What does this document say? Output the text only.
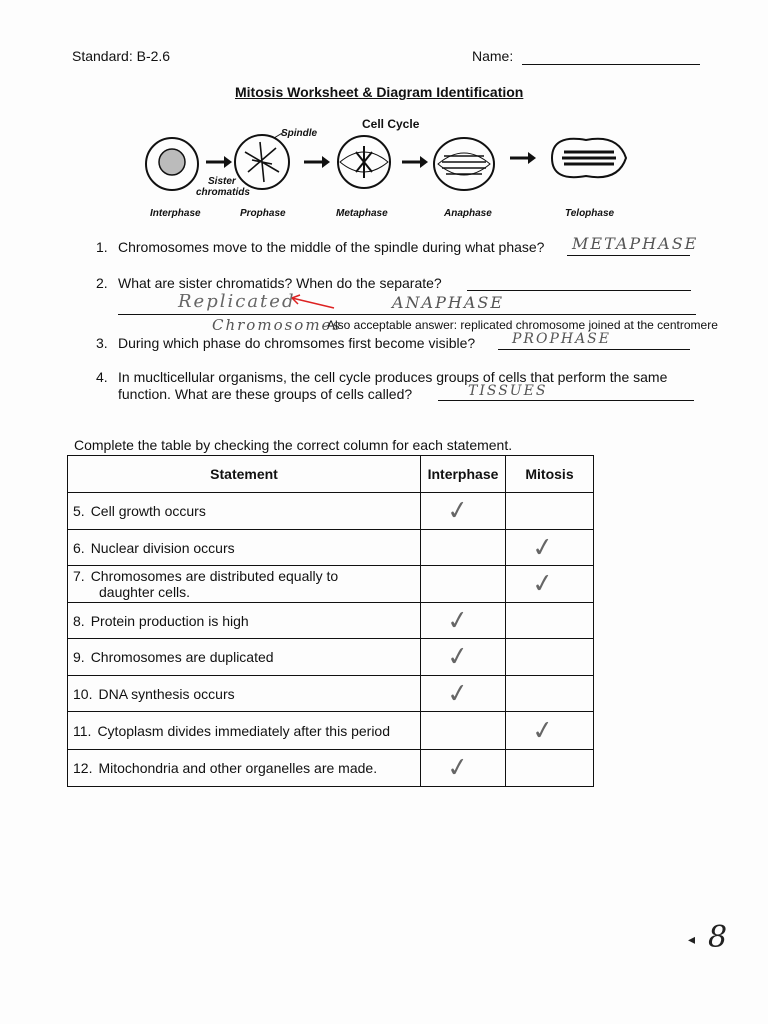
Standard: B-2.6	Name:
Mitosis Worksheet & Diagram Identification
Cell Cycle
Spindle
Sister
chromatids
Interphase	Prophase	Metaphase	Anaphase	Telophase
1. Chromosomes move to the middle of the spindle during what phase? METAPHASE
2. What are sister chromatids? When do the separate?
Replicated	ANAPHASE
Chromosomes
Also acceptable answer: replicated chromosome joined at the centromere
3. During which phase do chromsomes first become visible?	PROPHASE
4. In muclticellular organisms, the cell cycle produces groups of cells that perform the same
function. What are these groups of cells called?	TISSUES
Complete the table by checking the correct column for each statement.
Statement	Interphase	Mitosis
5. Cell growth occurs	✓	
6. Nuclear division occurs		✓
7. Chromosomes are distributed equally to
daughter cells.		✓
8. Protein production is high	✓	
9. Chromosomes are duplicated	✓	
10. DNA synthesis occurs	✓	
11. Cytoplasm divides immediately after this period		✓
12. Mitochondria and other organelles are made.	✓	
◂ 8
